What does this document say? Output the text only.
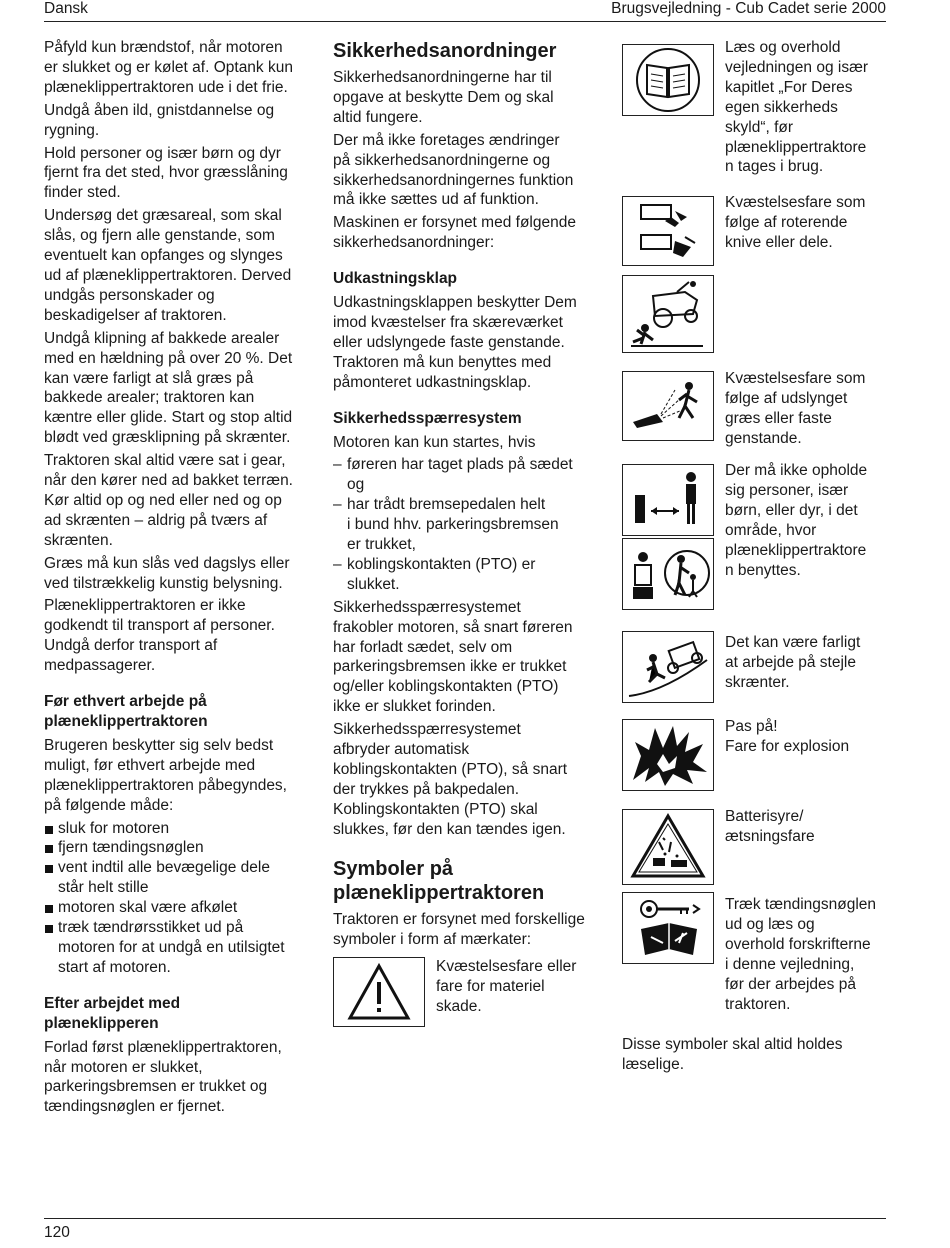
Dansk	Brugsvejledning - Cub Cadet serie 2000

Påfyld kun brændstof, når motoren
er slukket og er kølet af. Optank kun
plæneklippertraktoren ude i det frie.

Undgå åben ild, gnistdannelse og
rygning.

Hold personer og især børn og dyr
fjernt fra det sted, hvor græsslåning
finder sted.

Undersøg det græsareal, som skal
slås, og fjern alle genstande, som
eventuelt kan opfanges og slynges
ud af plæneklippertraktoren. Derved
undgås personskader og
beskadigelser af traktoren.

Undgå klipning af bakkede arealer
med en hældning på over 20 %. Det
kan være farligt at slå græs på
bakkede arealer; traktoren kan
kæntre eller glide. Start og stop altid
blødt ved græsklipning på skrænter.

Traktoren skal altid være sat i gear,
når den kører ned ad bakket terræn.
Kør altid op og ned eller ned og op
ad skrænten – aldrig på tværs af
skrænten.

Græs må kun slås ved dagslys eller
ved tilstrækkelig kunstig belysning.

Plæneklippertraktoren er ikke
godkendt til transport af personer.
Undgå derfor transport af
medpassagerer.

Før ethvert arbejde på
plæneklippertraktoren

Brugeren beskytter sig selv bedst
muligt, før ethvert arbejde med
plæneklippertraktoren påbegyndes,
på følgende måde:

sluk for motoren
fjern tændingsnøglen
vent indtil alle bevægelige dele
står helt stille
motoren skal være afkølet
træk tændrørsstikket ud på
motoren for at undgå en utilsigtet
start af motoren.
Efter arbejdet med
plæneklipperen

Forlad først plæneklippertraktoren,
når motoren er slukket,
parkeringsbremsen er trukket og
tændingsnøglen er fjernet.

Sikkerhedsanordninger

Sikkerhedsanordningerne har til
opgave at beskytte Dem og skal
altid fungere.

Der må ikke foretages ændringer
på sikkerhedsanordningerne og
sikkerhedsanordningernes funktion
må ikke sættes ud af funktion.

Maskinen er forsynet med følgende
sikkerhedsanordninger:

Udkastningsklap

Udkastningsklappen beskytter Dem
imod kvæstelser fra skæreværket
eller udslyngede faste genstande.
Traktoren må kun benyttes med
påmonteret udkastningsklap.

Sikkerhedsspærresystem

Motoren kan kun startes, hvis

– føreren har taget plads på sædet
og
– har trådt bremsepedalen helt
i bund hhv. parkeringsbremsen
er trukket,
– koblingskontakten (PTO) er
slukket.

Sikkerhedsspærresystemet
frakobler motoren, så snart føreren
har forladt sædet, selv om
parkeringsbremsen ikke er trukket
og/eller koblingskontakten (PTO)
ikke er slukket forinden.

Sikkerhedsspærresystemet
afbryder automatisk
koblingskontakten (PTO), så snart
der trykkes på bakpedalen.
Koblingskontakten (PTO) skal
slukkes, før den kan tændes igen.

Symboler på
plæneklippertraktoren

Traktoren er forsynet med forskellige
symboler i form af mærkater:

Kvæstelsesfare eller
fare for materiel
skade.
Læs og overhold
vejledningen og især
kapitlet „For Deres
egen sikkerheds
skyld“, før
plæneklippertraktore
n tages i brug.
Kvæstelsesfare som
følge af roterende
knive eller dele.
Kvæstelsesfare som
følge af udslynget
græs eller faste
genstande.
Der må ikke opholde
sig personer, især
børn, eller dyr, i det
område, hvor
plæneklippertraktore
n benyttes.
Det kan være farligt
at arbejde på stejle
skrænter.
Pas på!
Fare for explosion
Batterisyre/
ætsningsfare
Træk tændingsnøglen
ud og læs og
overhold forskrifterne
i denne vejledning,
før der arbejdes på
traktoren.

Disse symboler skal altid holdes
læselige.

120
